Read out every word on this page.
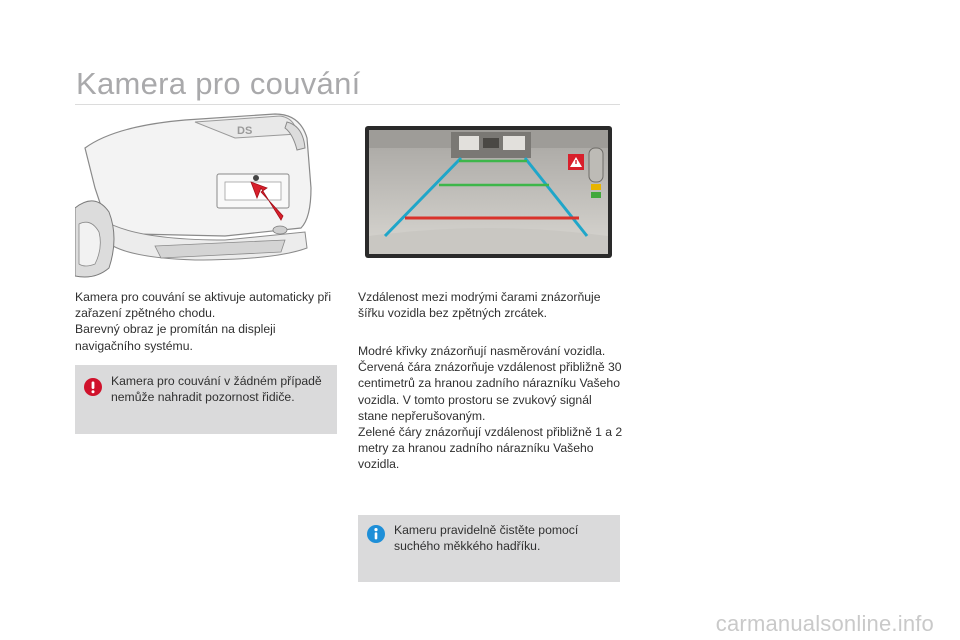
Kamera pro couvání
DS

Kamera pro couvání se aktivuje automaticky při zařazení zpětného chodu.

Barevný obraz je promítán na displeji navigačního systému.

Kamera pro couvání v žádném případě nemůže nahradit pozornost řidiče.

Vzdálenost mezi modrými čarami znázorňuje šířku vozidla bez zpětných zrcátek.

Modré křivky znázorňují nasměrování vozidla.

Červená čára znázorňuje vzdálenost přibližně 30 centimetrů za hranou zadního nárazníku Vašeho vozidla. V tomto prostoru se zvukový signál stane nepřerušovaným.

Zelené čáry znázorňují vzdálenost přibližně 1 a 2 metry za hranou zadního nárazníku Vašeho vozidla.

Kameru pravidelně čistěte pomocí suchého měkkého hadříku.
carmanualsonline.info
